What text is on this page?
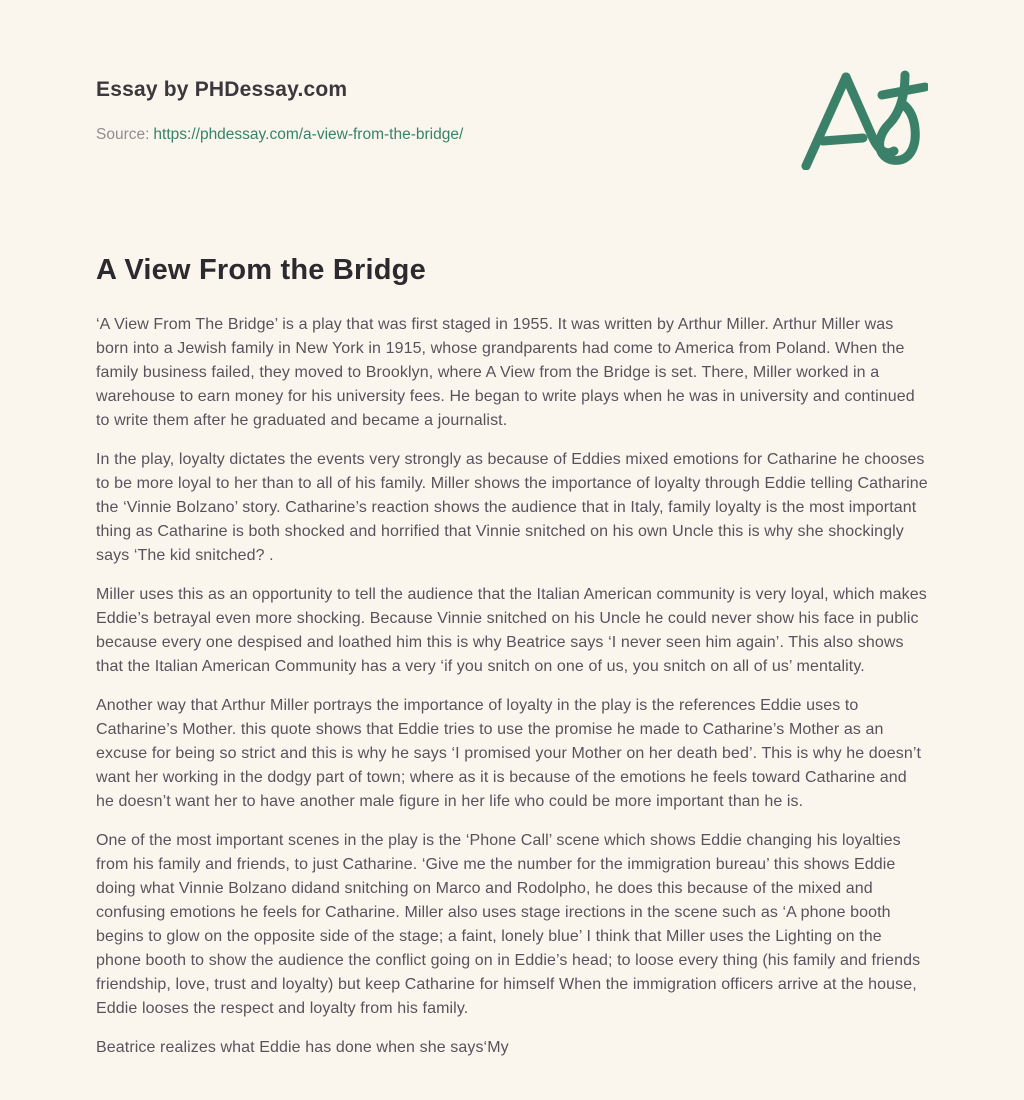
Essay by PHDessay.com
Source: https://phdessay.com/a-view-from-the-bridge/
A View From the Bridge

‘A View From The Bridge’ is a play that was first staged in 1955. It was written by Arthur Miller. Arthur Miller was born into a Jewish family in New York in 1915, whose grandparents had come to America from Poland. When the family business failed, they moved to Brooklyn, where A View from the Bridge is set. There, Miller worked in a warehouse to earn money for his university fees. He began to write plays when he was in university and continued to write them after he graduated and became a journalist.

In the play, loyalty dictates the events very strongly as because of Eddies mixed emotions for Catharine he chooses to be more loyal to her than to all of his family. Miller shows the importance of loyalty through Eddie telling Catharine the ‘Vinnie Bolzano’ story. Catharine’s reaction shows the audience that in Italy, family loyalty is the most important thing as Catharine is both shocked and horrified that Vinnie snitched on his own Uncle this is why she shockingly says ‘The kid snitched? .

Miller uses this as an opportunity to tell the audience that the Italian American community is very loyal, which makes Eddie’s betrayal even more shocking. Because Vinnie snitched on his Uncle he could never show his face in public because every one despised and loathed him this is why Beatrice says ‘I never seen him again’. This also shows that the Italian American Community has a very ‘if you snitch on one of us, you snitch on all of us’ mentality.

Another way that Arthur Miller portrays the importance of loyalty in the play is the references Eddie uses to Catharine’s Mother. this quote shows that Eddie tries to use the promise he made to Catharine’s Mother as an excuse for being so strict and this is why he says ‘I promised your Mother on her death bed’. This is why he doesn’t want her working in the dodgy part of town; where as it is because of the emotions he feels toward Catharine and he doesn’t want her to have another male figure in her life who could be more important than he is.

One of the most important scenes in the play is the ‘Phone Call’ scene which shows Eddie changing his loyalties from his family and friends, to just Catharine. ‘Give me the number for the immigration bureau’ this shows Eddie doing what Vinnie Bolzano didand snitching on Marco and Rodolpho, he does this because of the mixed and confusing emotions he feels for Catharine. Miller also uses stage irections in the scene such as ‘A phone booth begins to glow on the opposite side of the stage; a faint, lonely blue’ I think that Miller uses the Lighting on the phone booth to show the audience the conflict going on in Eddie’s head; to loose every thing (his family and friends friendship, love, trust and loyalty) but keep Catharine for himself When the immigration officers arrive at the house, Eddie looses the respect and loyalty from his family.

Beatrice realizes what Eddie has done when she says‘My
